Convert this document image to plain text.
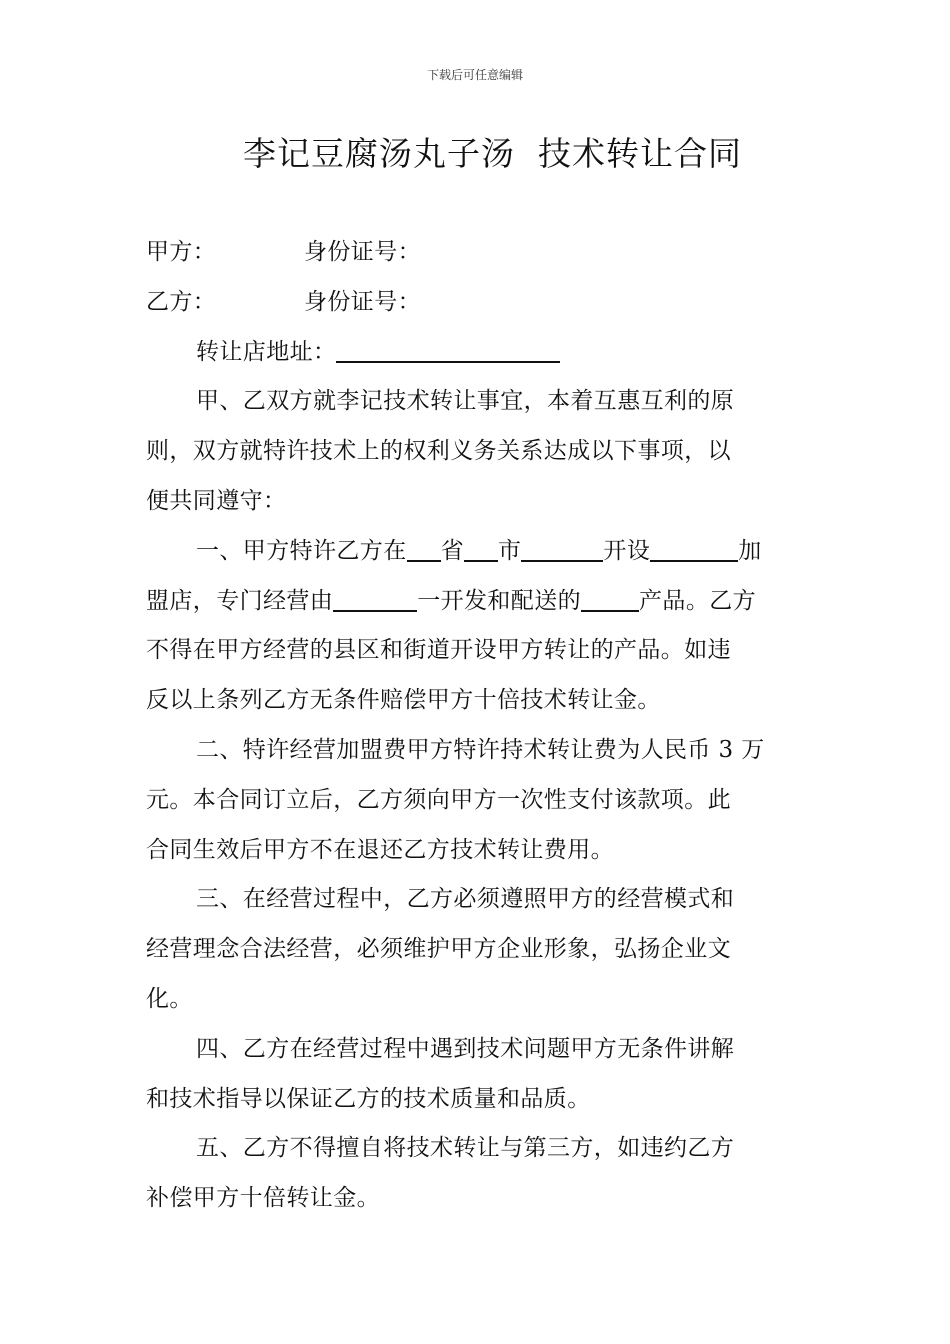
下载后可任意编辑
李记豆腐汤丸子汤  技术转让合同
甲方：	身份证号：
乙方：	身份证号：
转让店地址：
甲、乙双方就李记技术转让事宜，本着互惠互利的原
则，双方就特许技术上的权利义务关系达成以下事项，以
便共同遵守：
一、甲方特许乙方在 省 市	开设	加
盟店，专门经营由	一开发和配送的	产品。乙方
不得在甲方经营的县区和街道开设甲方转让的产品。如违
反以上条列乙方无条件赔偿甲方十倍技术转让金。
二、特许经营加盟费甲方特许持术转让费为人民币 3 万
元。本合同订立后，乙方须向甲方一次性支付该款项。此
合同生效后甲方不在退还乙方技术转让费用。
三、在经营过程中，乙方必须遵照甲方的经营模式和
经营理念合法经营，必须维护甲方企业形象，弘扬企业文
化。
四、乙方在经营过程中遇到技术问题甲方无条件讲解
和技术指导以保证乙方的技术质量和品质。
五、乙方不得擅自将技术转让与第三方，如违约乙方
补偿甲方十倍转让金。
